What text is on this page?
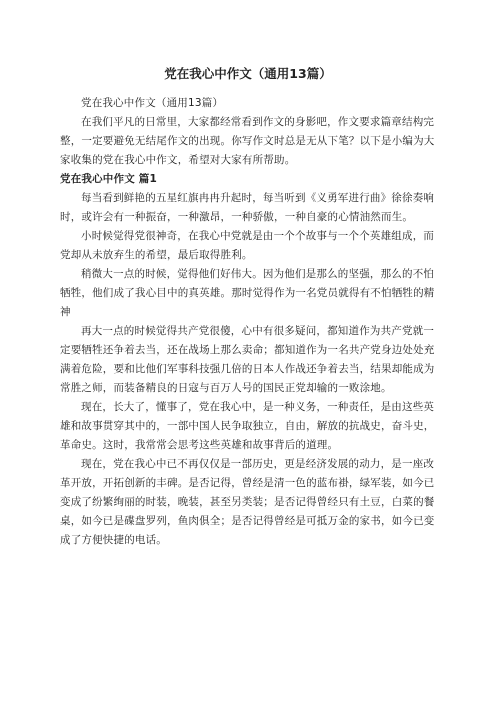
党在我心中作文（通用13篇）

党在我心中作文（通用13篇）

在我们平凡的日常里，大家都经常看到作文的身影吧，作文要求篇章结构完整，一定要避免无结尾作文的出现。你写作文时总是无从下笔？以下是小编为大家收集的党在我心中作文，希望对大家有所帮助。

党在我心中作文 篇1

每当看到鲜艳的五星红旗冉冉升起时，每当听到《义勇军进行曲》徐徐奏响时，或许会有一种振奋，一种激昂，一种骄傲，一种自豪的心情油然而生。

小时候觉得党很神奇，在我心中党就是由一个个故事与一个个英雄组成，而党却从未放弃生的希望，最后取得胜利。

稍微大一点的时候，觉得他们好伟大。因为他们是那么的坚强，那么的不怕牺牲，他们成了我心目中的真英雄。那时觉得作为一名党员就得有不怕牺牲的精神

再大一点的时候觉得共产党很傻，心中有很多疑问，都知道作为共产党就一定要牺牲还争着去当，还在战场上那么卖命；都知道作为一名共产党身边处处充满着危险，要和比他们军事科技强几倍的日本人作战还争着去当，结果却能成为常胜之师，而装备精良的日寇与百万人号的国民正党却输的一败涂地。

现在，长大了，懂事了，党在我心中，是一种义务，一种责任，是由这些英雄和故事贯穿其中的，一部中国人民争取独立，自由，解放的抗战史，奋斗史，革命史。这时，我常常会思考这些英雄和故事背后的道理。

现在，党在我心中已不再仅仅是一部历史，更是经济发展的动力，是一座改革开放，开拓创新的丰碑。是否记得，曾经是清一色的蓝布褂，绿军装，如今已变成了纷繁绚丽的时装，晚装，甚至另类装；是否记得曾经只有土豆，白菜的餐桌，如今已是碟盘罗列，鱼肉俱全；是否记得曾经是可抵万金的家书，如今已变成了方便快捷的电话。
